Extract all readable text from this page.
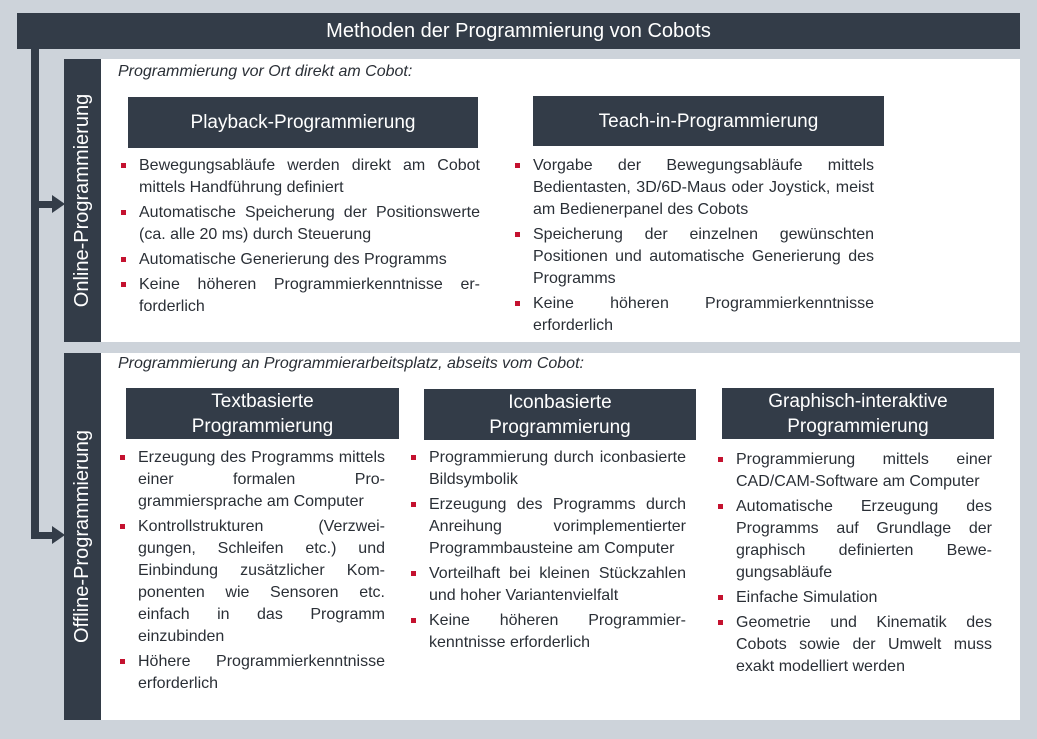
Methoden der Programmierung von Cobots
Online-Programmierung
Programmierung vor Ort direkt am Cobot:
Playback-Programmierung
Bewegungsabläufe werden direkt am Cobot mittels Handführung definiert
Automatische Speicherung der Positionswerte (ca. alle 20 ms) durch Steuerung
Automatische Generierung des Programms
Keine höheren Programmierkenntnisse erforderlich
Teach-in-Programmierung
Vorgabe der Bewegungsabläufe mittels Bedientasten, 3D/6D-Maus oder Joystick, meist am Bedienerpanel des Cobots
Speicherung der einzelnen gewünschten Positionen und automatische Generierung des Programms
Keine höheren Programmierkenntnisse erforderlich
Offline-Programmierung
Programmierung an Programmierarbeitsplatz, abseits vom Cobot:
Textbasierte Programmierung
Erzeugung des Programms mittels einer formalen Programmiersprache am Computer
Kontrollstrukturen (Verzweigungen, Schleifen etc.) und Einbindung zusätzlicher Komponenten wie Sensoren etc. einfach in das Programm einzubinden
Höhere Programmierkenntnisse erforderlich
Iconbasierte Programmierung
Programmierung durch iconbasierte Bildsymbolik
Erzeugung des Programms durch Anreihung vorimplementierter Programmbausteine am Computer
Vorteilhaft bei kleinen Stückzahlen und hoher Variantenvielfalt
Keine höheren Programmierkenntnisse erforderlich
Graphisch-interaktive Programmierung
Programmierung mittels einer CAD/CAM-Software am Computer
Automatische Erzeugung des Programms auf Grundlage der graphisch definierten Bewegungsabläufe
Einfache Simulation
Geometrie und Kinematik des Cobots sowie der Umwelt muss exakt modelliert werden
